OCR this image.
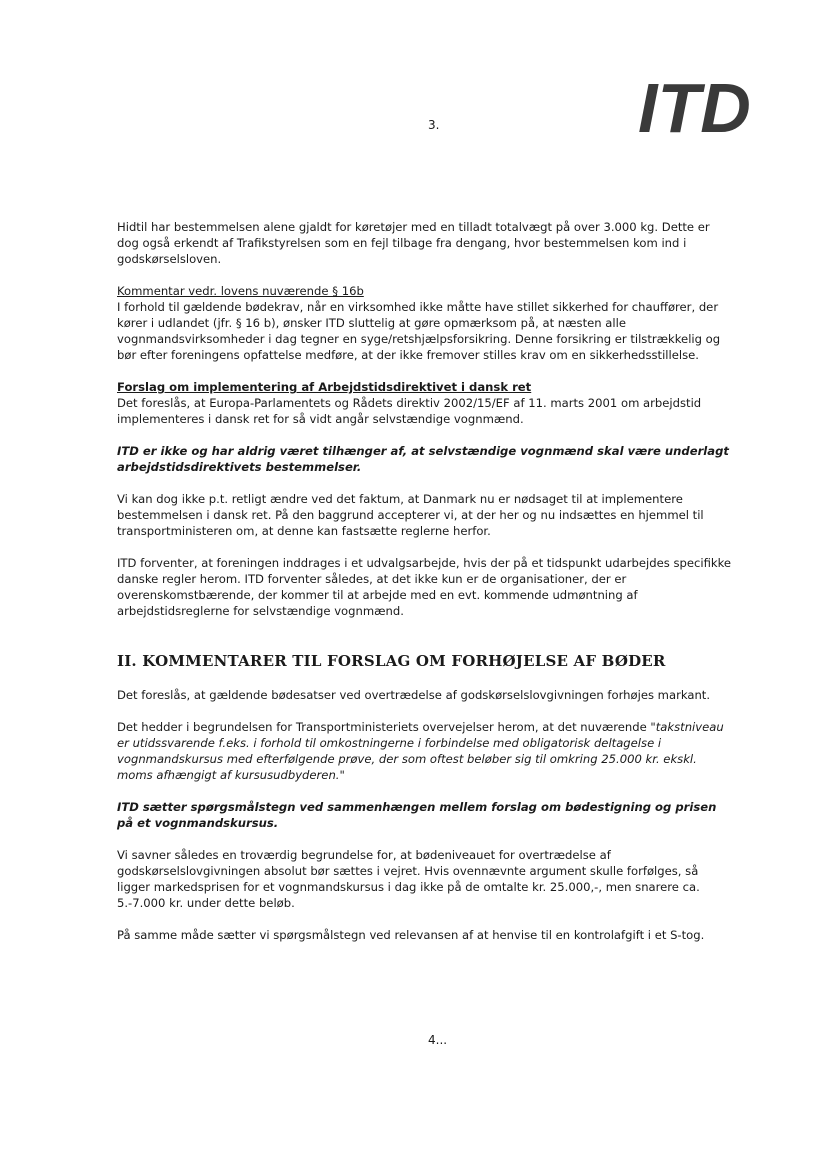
3.	ITD

Hidtil har bestemmelsen alene gjaldt for køretøjer med en tilladt totalvægt på over 3.000 kg. Dette er dog også erkendt af Trafikstyrelsen som en fejl tilbage fra dengang, hvor bestemmelsen kom ind i godskørselsloven.

Kommentar vedr. lovens nuværende § 16b

I forhold til gældende bødekrav, når en virksomhed ikke måtte have stillet sikkerhed for chauffører, der kører i udlandet (jfr. § 16 b), ønsker ITD sluttelig at gøre opmærksom på, at næsten alle vognmandsvirksomheder i dag tegner en syge/retshjælpsforsikring. Denne forsikring er tilstrækkelig og bør efter foreningens opfattelse medføre, at der ikke fremover stilles krav om en sikkerhedsstillelse.

Forslag om implementering af Arbejdstidsdirektivet i dansk ret

Det foreslås, at Europa-Parlamentets og Rådets direktiv 2002/15/EF af 11. marts 2001 om arbejdstid implementeres i dansk ret for så vidt angår selvstændige vognmænd.

ITD er ikke og har aldrig været tilhænger af, at selvstændige vognmænd skal være underlagt arbejdstidsdirektivets bestemmelser.

Vi kan dog ikke p.t. retligt ændre ved det faktum, at Danmark nu er nødsaget til at implementere bestemmelsen i dansk ret. På den baggrund accepterer vi, at der her og nu indsættes en hjemmel til transportministeren om, at denne kan fastsætte reglerne herfor.

ITD forventer, at foreningen inddrages i et udvalgsarbejde, hvis der på et tidspunkt udarbejdes specifikke danske regler herom. ITD forventer således, at det ikke kun er de organisationer, der er overenskomstbærende, der kommer til at arbejde med en evt. kommende udmøntning af arbejdstidsreglerne for selvstændige vognmænd.

II. KOMMENTARER TIL FORSLAG OM FORHØJELSE AF BØDER

Det foreslås, at gældende bødesatser ved overtrædelse af godskørselslovgivningen forhøjes markant.

Det hedder i begrundelsen for Transportministeriets overvejelser herom, at det nuværende "takstniveau er utidssvarende f.eks. i forhold til omkostningerne i forbindelse med obligatorisk deltagelse i vognmandskursus med efterfølgende prøve, der som oftest beløber sig til omkring 25.000 kr. ekskl. moms afhængigt af kursusudbyderen."

ITD sætter spørgsmålstegn ved sammenhængen mellem forslag om bødestigning og prisen på et vognmandskursus.

Vi savner således en troværdig begrundelse for, at bødeniveauet for overtrædelse af godskørselslovgivningen absolut bør sættes i vejret. Hvis ovennævnte argument skulle forfølges, så ligger markedsprisen for et vognmandskursus i dag ikke på de omtalte kr. 25.000,-, men snarere ca. 5.-7.000 kr. under dette beløb.

På samme måde sætter vi spørgsmålstegn ved relevansen af at henvise til en kontrolafgift i et S-tog.

4...
